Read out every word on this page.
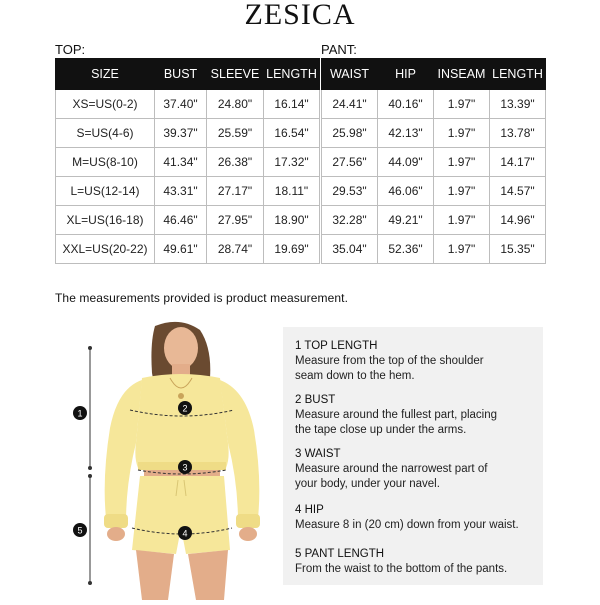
ZESICA
TOP:	PANT:
SIZE	BUST	SLEEVE	LENGTH
XS=US(0-2)	37.40"	24.80"	16.14"
S=US(4-6)	39.37"	25.59"	16.54"
M=US(8-10)	41.34"	26.38"	17.32"
L=US(12-14)	43.31"	27.17"	18.11"
XL=US(16-18)	46.46"	27.95"	18.90"
XXL=US(20-22)	49.61"	28.74"	19.69"
WAIST	HIP	INSEAM	LENGTH
24.41"	40.16"	1.97"	13.39"
25.98"	42.13"	1.97"	13.78"
27.56"	44.09"	1.97"	14.17"
29.53"	46.06"	1.97"	14.57"
32.28"	49.21"	1.97"	14.96"
35.04"	52.36"	1.97"	15.35"
The measurements provided is product measurement.
1	2
3
4
5
1 TOP LENGTH
Measure from the top of the shoulder
seam down to the hem.
2 BUST
Measure around the fullest part, placing
the tape close up under the arms.
3 WAIST
Measure around the narrowest part of
your body, under your navel.
4 HIP
Measure 8 in (20 cm) down from your waist.
5 PANT LENGTH
From the waist to the bottom of the pants.
